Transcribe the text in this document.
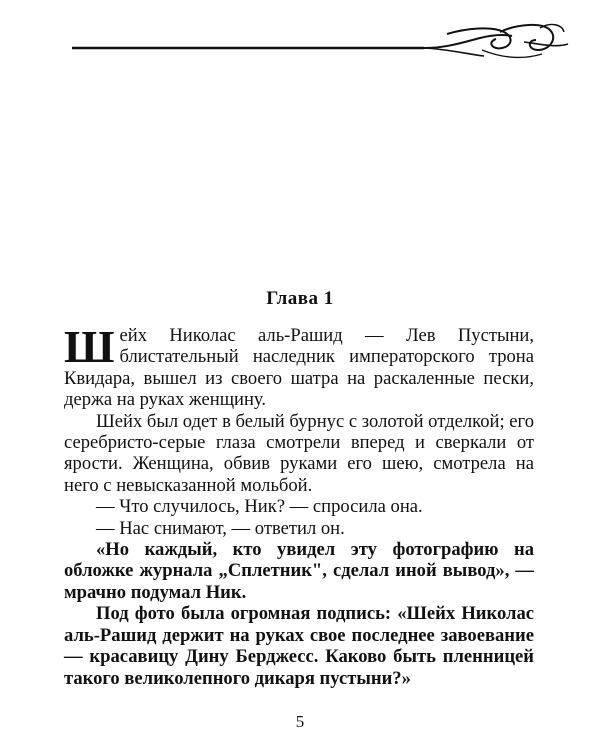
Глава 1

Шейх Николас аль-Рашид — Лев Пустыни, блистательный наследник императорского трона Квидара, вышел из своего шатра на раскаленные пески, держа на руках женщину.

Шейх был одет в белый бурнус с золотой отделкой; его серебристо-серые глаза смотрели вперед и сверкали от ярости. Женщина, обвив руками его шею, смотрела на него с невысказанной мольбой.

— Что случилось, Ник? — спросила она.

— Нас снимают, — ответил он.

«Но каждый, кто увидел эту фотографию на обложке журнала „Сплетник", сделал иной вывод», — мрачно подумал Ник.

Под фото была огромная подпись: «Шейх Николас аль-Рашид держит на руках свое последнее завоевание — красавицу Дину Берджесс. Каково быть пленницей такого великолепного дикаря пустыни?»

5
